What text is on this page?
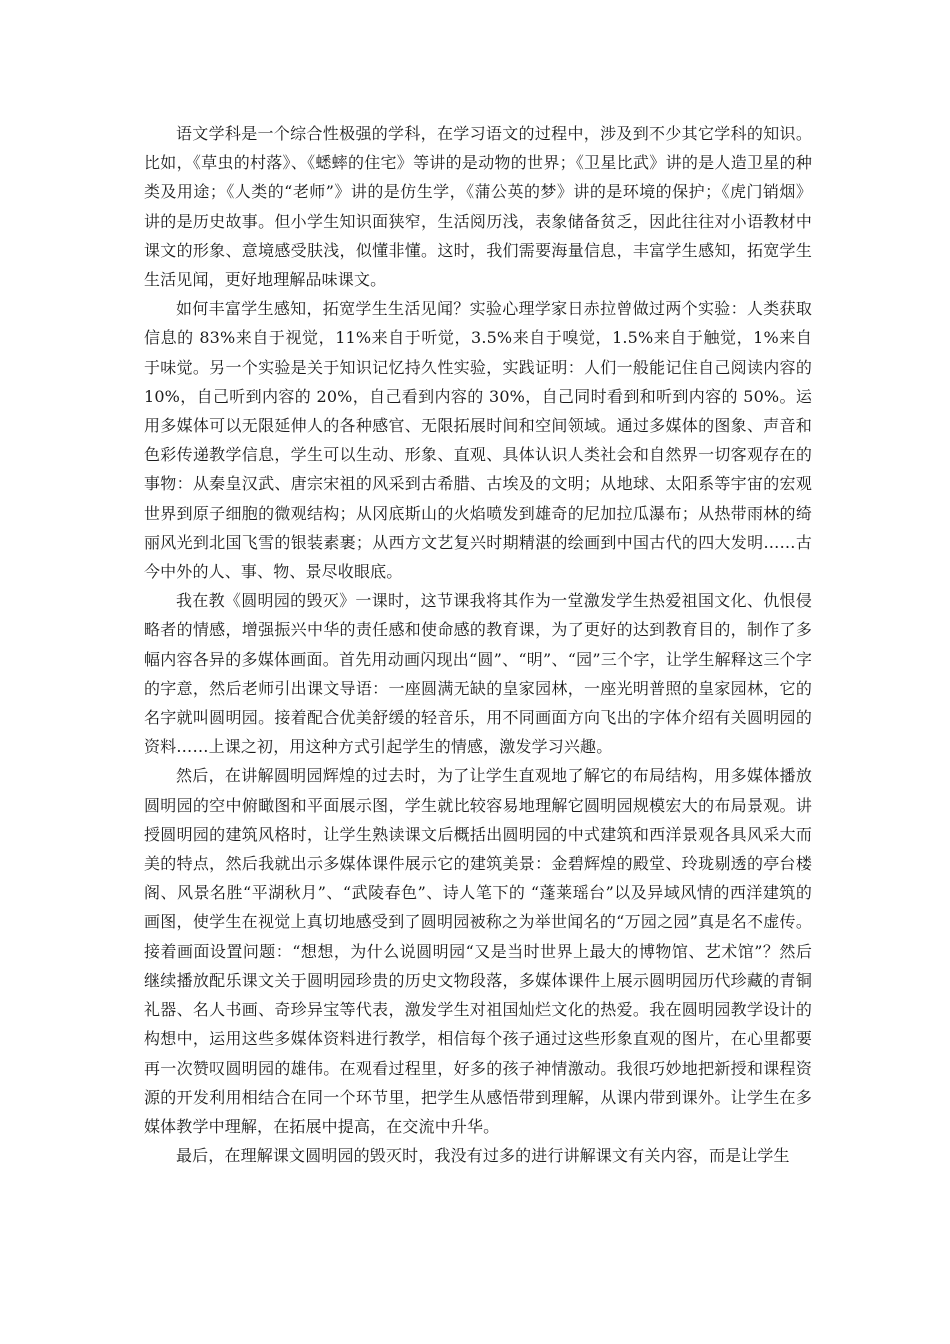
语文学科是一个综合性极强的学科，在学习语文的过程中，涉及到不少其它学科的知识。比如，《草虫的村落》、《蟋蟀的住宅》等讲的是动物的世界；《卫星比武》讲的是人造卫星的种类及用途；《人类的“老师”》讲的是仿生学，《蒲公英的梦》讲的是环境的保护；《虎门销烟》讲的是历史故事。但小学生知识面狭窄，生活阅历浅，表象储备贫乏，因此往往对小语教材中课文的形象、意境感受肤浅，似懂非懂。这时，我们需要海量信息，丰富学生感知，拓宽学生生活见闻，更好地理解品味课文。

如何丰富学生感知，拓宽学生生活见闻？实验心理学家日赤拉曾做过两个实验：人类获取信息的 83%来自于视觉，11%来自于听觉，3.5%来自于嗅觉，1.5%来自于触觉，1%来自于味觉。另一个实验是关于知识记忆持久性实验，实践证明：人们一般能记住自己阅读内容的 10%，自己听到内容的 20%，自己看到内容的 30%，自己同时看到和听到内容的 50%。运用多媒体可以无限延伸人的各种感官、无限拓展时间和空间领域。通过多媒体的图象、声音和色彩传递教学信息，学生可以生动、形象、直观、具体认识人类社会和自然界一切客观存在的事物：从秦皇汉武、唐宗宋祖的风采到古希腊、古埃及的文明；从地球、太阳系等宇宙的宏观世界到原子细胞的微观结构；从冈底斯山的火焰喷发到雄奇的尼加拉瓜瀑布；从热带雨林的绮丽风光到北国飞雪的银装素裹；从西方文艺复兴时期精湛的绘画到中国古代的四大发明……古今中外的人、事、物、景尽收眼底。

我在教《圆明园的毁灭》一课时，这节课我将其作为一堂激发学生热爱祖国文化、仇恨侵略者的情感，增强振兴中华的责任感和使命感的教育课，为了更好的达到教育目的，制作了多幅内容各异的多媒体画面。首先用动画闪现出“圆”、“明”、“园”三个字，让学生解释这三个字的字意，然后老师引出课文导语：一座圆满无缺的皇家园林，一座光明普照的皇家园林，它的名字就叫圆明园。接着配合优美舒缓的轻音乐，用不同画面方向飞出的字体介绍有关圆明园的资料……上课之初，用这种方式引起学生的情感，激发学习兴趣。

然后，在讲解圆明园辉煌的过去时，为了让学生直观地了解它的布局结构，用多媒体播放圆明园的空中俯瞰图和平面展示图，学生就比较容易地理解它圆明园规模宏大的布局景观。讲授圆明园的建筑风格时，让学生熟读课文后概括出圆明园的中式建筑和西洋景观各具风采大而美的特点，然后我就出示多媒体课件展示它的建筑美景：金碧辉煌的殿堂、玲珑剔透的亭台楼阁、风景名胜“平湖秋月”、“武陵春色”、诗人笔下的 “蓬莱瑶台”以及异域风情的西洋建筑的画图，使学生在视觉上真切地感受到了圆明园被称之为举世闻名的“万园之园”真是名不虚传。接着画面设置问题：“想想，为什么说圆明园“又是当时世界上最大的博物馆、艺术馆”？然后继续播放配乐课文关于圆明园珍贵的历史文物段落，多媒体课件上展示圆明园历代珍藏的青铜礼器、名人书画、奇珍异宝等代表，激发学生对祖国灿烂文化的热爱。我在圆明园教学设计的构想中，运用这些多媒体资料进行教学，相信每个孩子通过这些形象直观的图片，在心里都要再一次赞叹圆明园的雄伟。在观看过程里，好多的孩子神情激动。我很巧妙地把新授和课程资源的开发利用相结合在同一个环节里，把学生从感悟带到理解，从课内带到课外。让学生在多媒体教学中理解，在拓展中提高，在交流中升华。

最后，在理解课文圆明园的毁灭时，我没有过多的进行讲解课文有关内容，而是让学生
